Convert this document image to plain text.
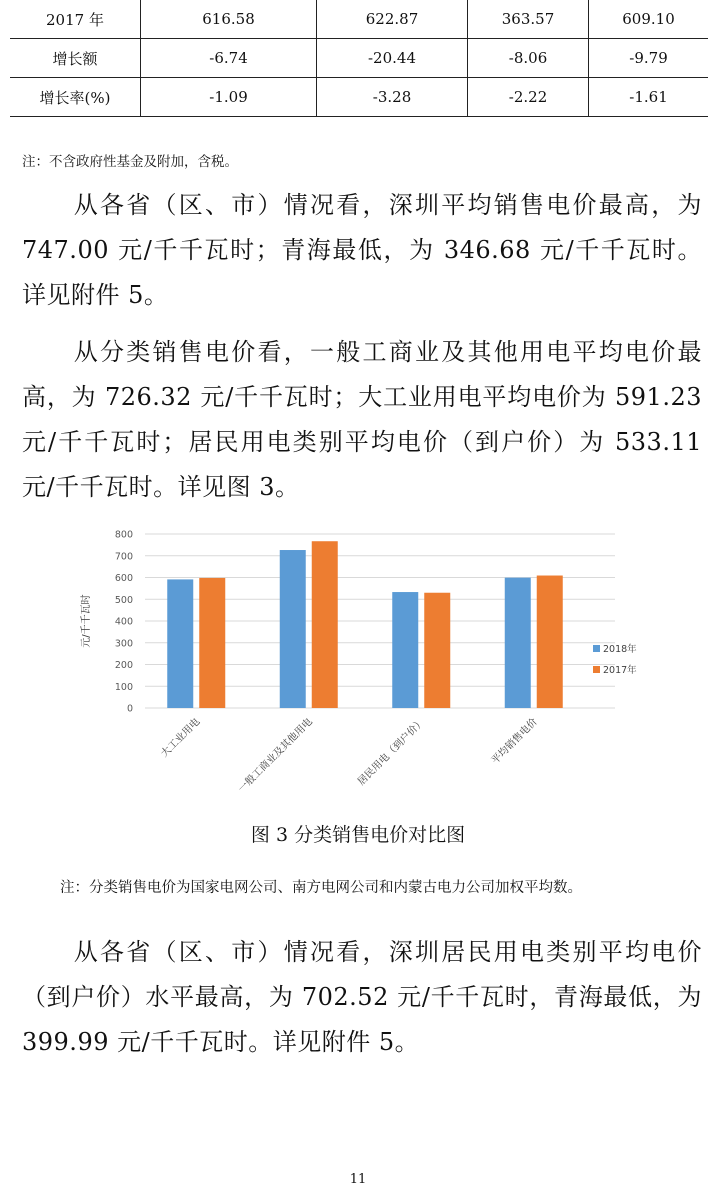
2017 年	616.58	622.87	363.57	609.10
增长额	-6.74	-20.44	-8.06	-9.79
增长率(%)	-1.09	-3.28	-2.22	-1.61
注：不含政府性基金及附加，含税。

从各省（区、市）情况看，深圳平均销售电价最高，为 747.00 元/千千瓦时；青海最低，为 346.68 元/千千瓦时。详见附件 5。

从分类销售电价看，一般工商业及其他用电平均电价最高，为 726.32 元/千千瓦时；大工业用电平均电价为 591.23 元/千千瓦时；居民用电类别平均电价（到户价）为 533.11 元/千千瓦时。详见图 3。

0
100
200
300
400
500
600
700
800
元/千千瓦时
大工业用电	一般工商业及其他用电	居民用电（到户价）	平均销售电价
2018年
2017年
图 3 分类销售电价对比图
注：分类销售电价为国家电网公司、南方电网公司和内蒙古电力公司加权平均数。

从各省（区、市）情况看，深圳居民用电类别平均电价（到户价）水平最高，为 702.52 元/千千瓦时，青海最低，为 399.99 元/千千瓦时。详见附件 5。

11
